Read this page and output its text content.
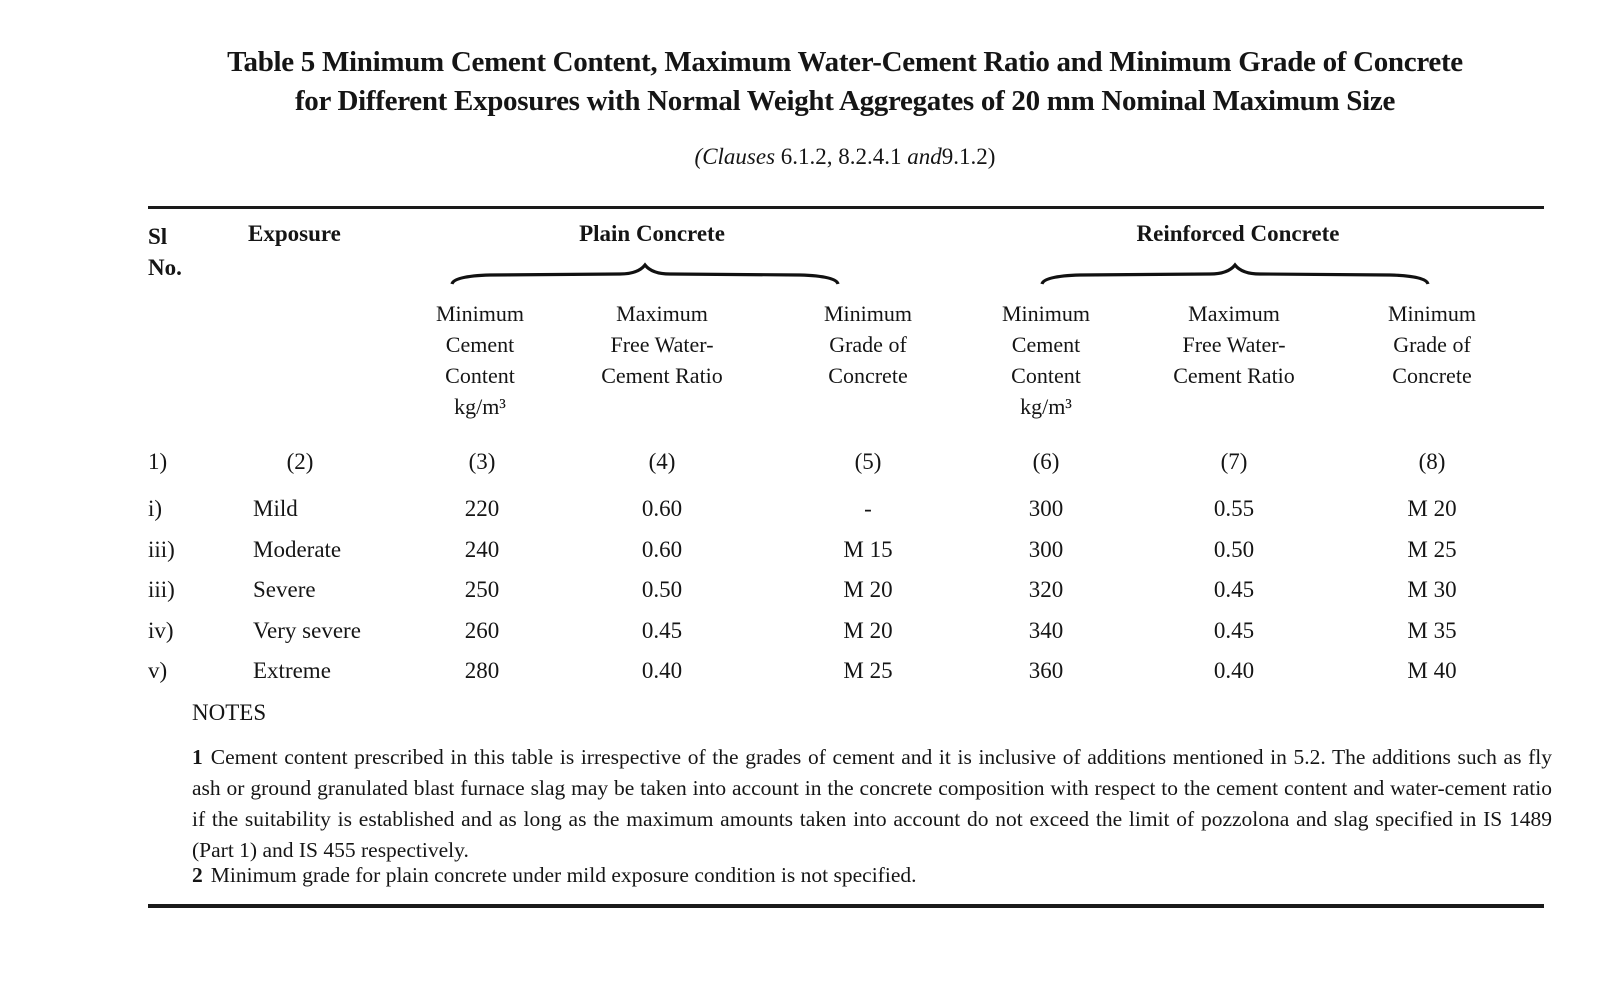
Table 5 Minimum Cement Content, Maximum Water-Cement Ratio and Minimum Grade of Concrete
for Different Exposures with Normal Weight Aggregates of 20 mm Nominal Maximum Size
(Clauses 6.1.2, 8.2.4.1 and9.1.2)
Sl
No.
Exposure	Plain Concrete	Reinforced Concrete
Minimum
Cement
Content
kg/m³
Maximum
Free Water-
Cement Ratio
Minimum
Grade of
Concrete
Minimum
Cement
Content
kg/m³
Maximum
Free Water-
Cement Ratio
Minimum
Grade of
Concrete
1)	(2)	(3)	(4)	(5)	(6)	(7)	(8)
i)	Mild	220	0.60	-	300	0.55	M 20
iii)	Moderate	240	0.60	M 15	300	0.50	M 25
iii)	Severe	250	0.50	M 20	320	0.45	M 30
iv)	Very severe	260	0.45	M 20	340	0.45	M 35
v)	Extreme	280	0.40	M 25	360	0.40	M 40
NOTES
1 Cement content prescribed in this table is irrespective of the grades of cement and it is inclusive of additions mentioned in 5.2. The additions such as fly ash or ground granulated blast furnace slag may be taken into account in the concrete composition with respect to the cement content and water-cement ratio if the suitability is established and as long as the maximum amounts taken into account do not exceed the limit of pozzolona and slag specified in IS 1489 (Part 1) and IS 455 respectively.
2 Minimum grade for plain concrete under mild exposure condition is not specified.
